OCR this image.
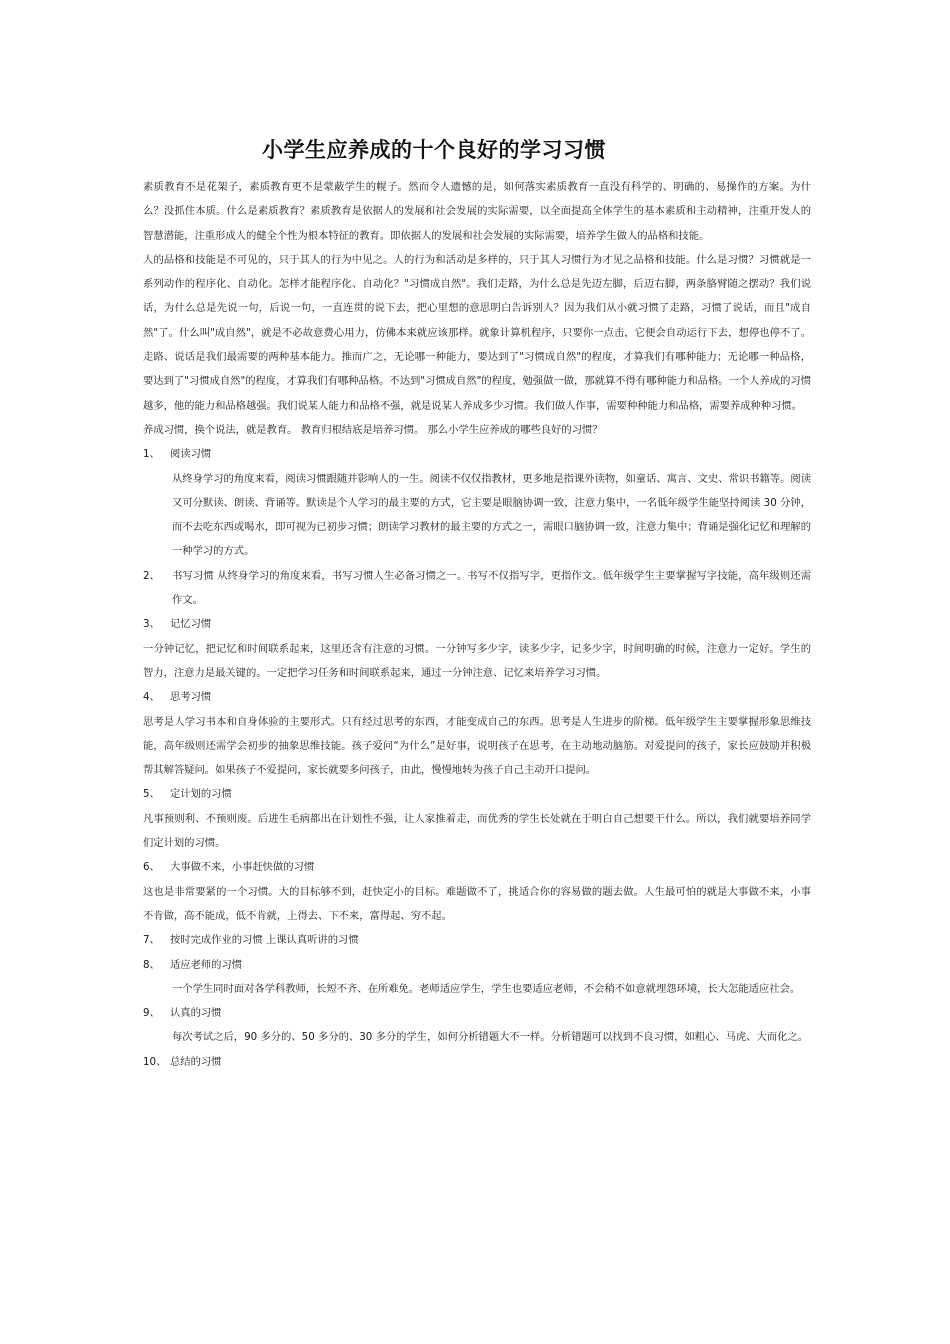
小学生应养成的十个良好的学习习惯

素质教育不是花架子，素质教育更不是蒙蔽学生的幌子。然而令人遗憾的是，如何落实素质教育一直没有科学的、明确的、易操作的方案。为什么？没抓住本质。什么是素质教育？素质教育是依据人的发展和社会发展的实际需要，以全面提高全体学生的基本素质和主动精神，注重开发人的智慧潜能，注重形成人的健全个性为根本特征的教育。即依据人的发展和社会发展的实际需要，培养学生做人的品格和技能。

人的品格和技能是不可见的，只于其人的行为中见之。人的行为和活动是多样的，只于其人习惯行为才见之品格和技能。什么是习惯？习惯就是一系列动作的程序化、自动化。怎样才能程序化、自动化？"习惯成自然"。我们走路，为什么总是先迈左脚，后迈右脚，两条胳臂随之摆动？我们说话，为什么总是先说一句，后说一句，一直连贯的说下去，把心里想的意思明白告诉别人？因为我们从小就习惯了走路，习惯了说话，而且"成自然"了。什么叫"成自然"，就是不必故意费心用力，仿佛本来就应该那样。就象计算机程序，只要你一点击，它便会自动运行下去，想停也停不了。走路、说话是我们最需要的两种基本能力。推而广之，无论哪一种能力，要达到了"习惯成自然"的程度，才算我们有哪种能力；无论哪一种品格，要达到了"习惯成自然"的程度，才算我们有哪种品格。不达到"习惯成自然"的程度，勉强做一做，那就算不得有哪种能力和品格。一个人养成的习惯越多，他的能力和品格越强。我们说某人能力和品格不强，就是说某人养成多少习惯。我们做人作事，需要种种能力和品格，需要养成种种习惯。

养成习惯，换个说法，就是教育。 教育归根结底是培养习惯。 那么小学生应养成的哪些良好的习惯？

1、 阅读习惯

从终身学习的角度来看，阅读习惯跟随并影响人的一生。阅读不仅仅指教材，更多地是指课外读物，如童话、寓言、文史、常识书籍等。阅读又可分默读、朗读、背诵等。默读是个人学习的最主要的方式，它主要是眼脑协调一致，注意力集中，一名低年级学生能坚持阅读 30 分钟，而不去吃东西或喝水，即可视为已初步习惯；朗读学习教材的最主要的方式之一，需眼口脑协调一致，注意力集中；背诵是强化记忆和理解的一种学习的方式。

2、 书写习惯 从终身学习的角度来看，书写习惯人生必备习惯之一。书写不仅指写字，更指作文。低年级学生主要掌握写字技能，高年级则还需作文。

3、 记忆习惯

一分钟记忆，把记忆和时间联系起来，这里还含有注意的习惯。一分钟写多少字，读多少字，记多少字，时间明确的时候，注意力一定好。学生的智力，注意力是最关键的。一定把学习任务和时间联系起来，通过一分钟注意、记忆来培养学习习惯。

4、 思考习惯

思考是人学习书本和自身体验的主要形式。只有经过思考的东西，才能变成自己的东西。思考是人生进步的阶梯。低年级学生主要掌握形象思维技能，高年级则还需学会初步的抽象思维技能。孩子爱问“为什么”是好事，说明孩子在思考，在主动地动脑筋。对爱提问的孩子，家长应鼓励并积极帮其解答疑问。如果孩子不爱提问，家长就要多问孩子，由此，慢慢地转为孩子自己主动开口提问。

5、 定计划的习惯

凡事预则利、不预则废。后进生毛病都出在计划性不强，让人家推着走，而优秀的学生长处就在于明白自己想要干什么。所以，我们就要培养同学们定计划的习惯。

6、 大事做不来，小事赶快做的习惯

这也是非常要紧的一个习惯。大的目标够不到，赶快定小的目标。难题做不了，挑适合你的容易做的题去做。人生最可怕的就是大事做不来，小事不肯做，高不能成，低不肯就，上得去、下不来，富得起、穷不起。

7、 按时完成作业的习惯 上课认真听讲的习惯

8、 适应老师的习惯

一个学生同时面对各学科教师，长短不齐、在所难免。老师适应学生，学生也要适应老师，不会稍不如意就埋怨环境，长大怎能适应社会。

9、 认真的习惯

每次考试之后，90 多分的、50 多分的、30 多分的学生，如何分析错题大不一样。分析错题可以找到不良习惯，如粗心、马虎、大而化之。

10、 总结的习惯
